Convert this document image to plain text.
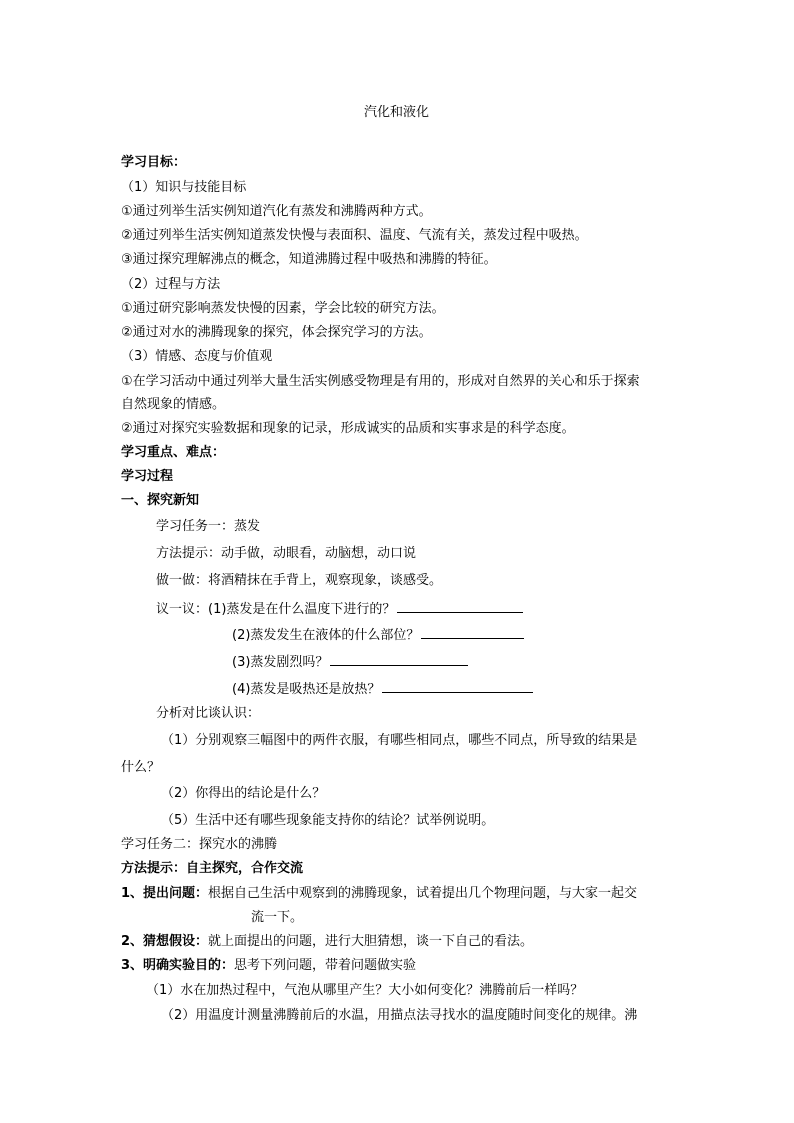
汽化和液化
学习目标：
（1）知识与技能目标
①通过列举生活实例知道汽化有蒸发和沸腾两种方式。
②通过列举生活实例知道蒸发快慢与表面积、温度、气流有关，蒸发过程中吸热。
③通过探究理解沸点的概念，知道沸腾过程中吸热和沸腾的特征。
（2）过程与方法
①通过研究影响蒸发快慢的因素，学会比较的研究方法。
②通过对水的沸腾现象的探究，体会探究学习的方法。
（3）情感、态度与价值观
①在学习活动中通过列举大量生活实例感受物理是有用的，形成对自然界的关心和乐于探索
自然现象的情感。
②通过对探究实验数据和现象的记录，形成诚实的品质和实事求是的科学态度。
学习重点、难点：
学习过程
一、探究新知
学习任务一：蒸发
方法提示：动手做，动眼看，动脑想，动口说
做一做：将酒精抹在手背上，观察现象，谈感受。
议一议：(1)蒸发是在什么温度下进行的？
(2)蒸发发生在液体的什么部位？
(3)蒸发剧烈吗？
(4)蒸发是吸热还是放热？
分析对比谈认识：
（1）分别观察三幅图中的两件衣服，有哪些相同点，哪些不同点，所导致的结果是
什么？
（2）你得出的结论是什么？
（5）生活中还有哪些现象能支持你的结论？试举例说明。
学习任务二：探究水的沸腾
方法提示：自主探究，合作交流
1、提出问题：根据自己生活中观察到的沸腾现象，试着提出几个物理问题，与大家一起交
流一下。
2、猜想假设：就上面提出的问题，进行大胆猜想，谈一下自己的看法。
3、明确实验目的：思考下列问题，带着问题做实验
（1）水在加热过程中，气泡从哪里产生？大小如何变化？沸腾前后一样吗？
（2）用温度计测量沸腾前后的水温，用描点法寻找水的温度随时间变化的规律。沸
